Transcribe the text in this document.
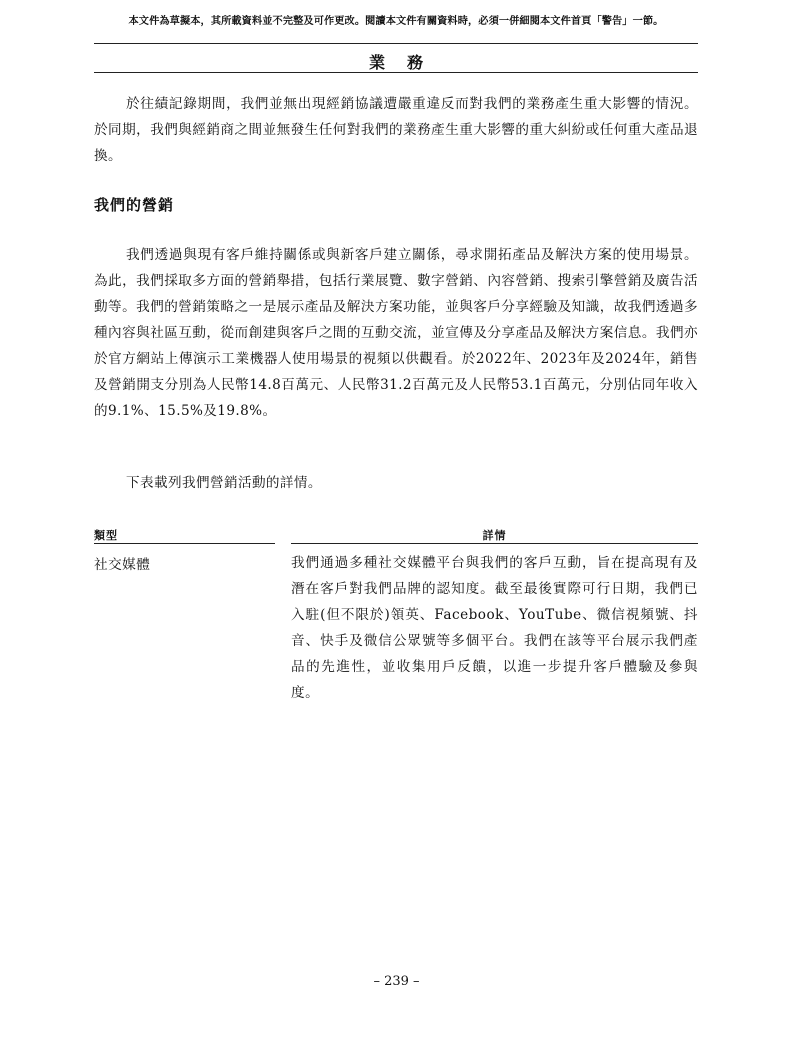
本文件為草擬本，其所載資料並不完整及可作更改。閱讀本文件有關資料時，必須一併細閱本文件首頁「警告」一節。
業務
於往績記錄期間，我們並無出現經銷協議遭嚴重違反而對我們的業務產生重大影響的情況。於同期，我們與經銷商之間並無發生任何對我們的業務產生重大影響的重大糾紛或任何重大產品退換。
我們的營銷
我們透過與現有客戶維持關係或與新客戶建立關係，尋求開拓產品及解決方案的使用場景。為此，我們採取多方面的營銷舉措，包括行業展覽、數字營銷、內容營銷、搜索引擎營銷及廣告活動等。我們的營銷策略之一是展示產品及解決方案功能，並與客戶分享經驗及知識，故我們透過多種內容與社區互動，從而創建與客戶之間的互動交流，並宣傳及分享產品及解決方案信息。我們亦於官方網站上傳演示工業機器人使用場景的視頻以供觀看。於2022年、2023年及2024年，銷售及營銷開支分別為人民幣14.8百萬元、人民幣31.2百萬元及人民幣53.1百萬元，分別佔同年收入的9.1%、15.5%及19.8%。
下表載列我們營銷活動的詳情。
類型	詳情
社交媒體	我們通過多種社交媒體平台與我們的客戶互動，旨在提高現有及潛在客戶對我們品牌的認知度。截至最後實際可行日期，我們已入駐(但不限於)領英、Facebook、YouTube、微信視頻號、抖音、快手及微信公眾號等多個平台。我們在該等平台展示我們產品的先進性，並收集用戶反饋，以進一步提升客戶體驗及參與度。
– 239 –
